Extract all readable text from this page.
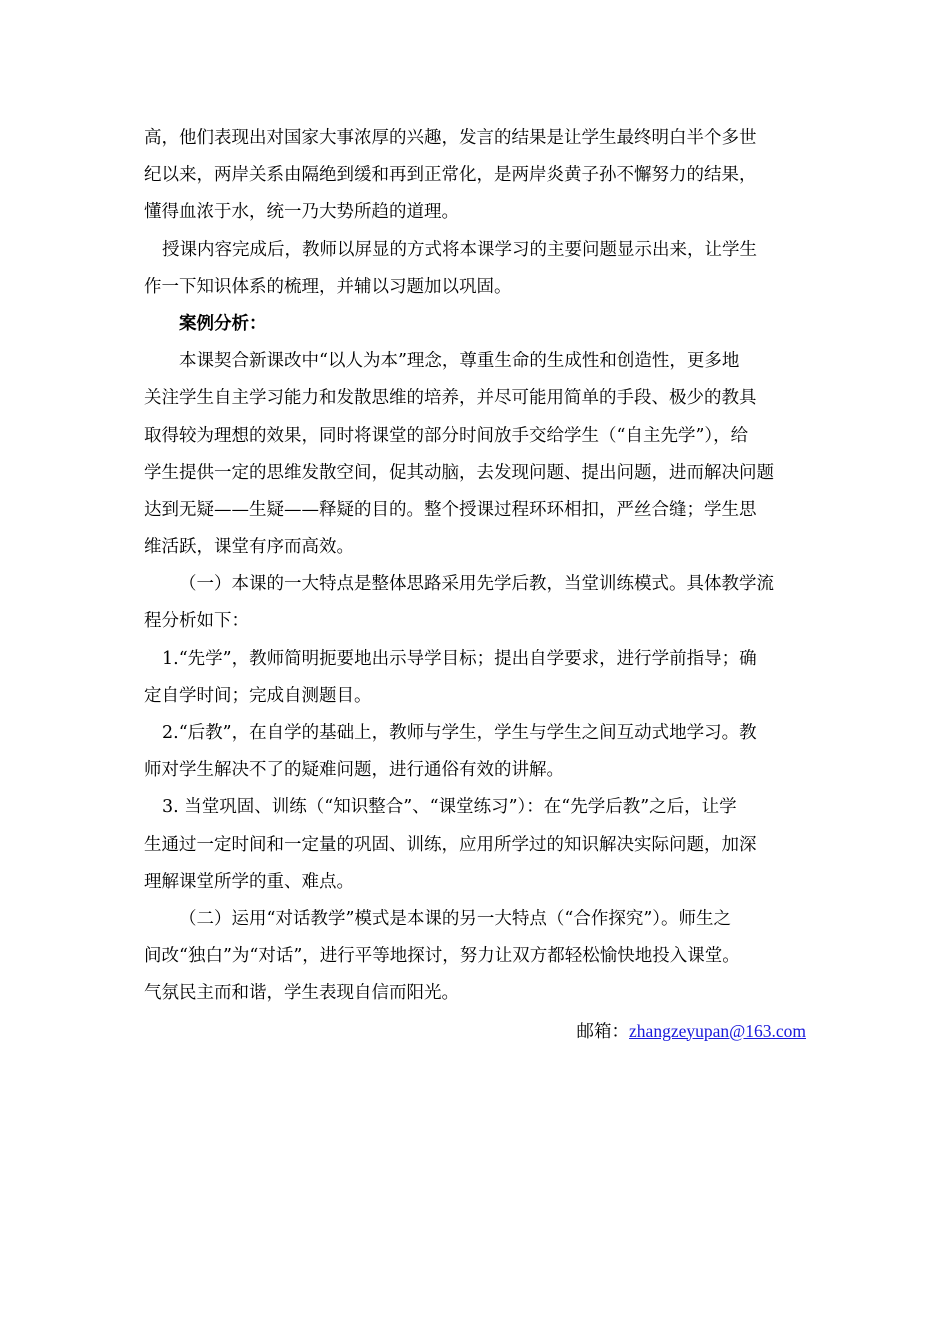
高，他们表现出对国家大事浓厚的兴趣，发言的结果是让学生最终明白半个多世
纪以来，两岸关系由隔绝到缓和再到正常化，是两岸炎黄子孙不懈努力的结果，
懂得血浓于水，统一乃大势所趋的道理。
授课内容完成后，教师以屏显的方式将本课学习的主要问题显示出来，让学生
作一下知识体系的梳理，并辅以习题加以巩固。
案例分析：
本课契合新课改中“以人为本”理念，尊重生命的生成性和创造性，更多地
关注学生自主学习能力和发散思维的培养，并尽可能用简单的手段、极少的教具
取得较为理想的效果，同时将课堂的部分时间放手交给学生（“自主先学”），给
学生提供一定的思维发散空间，促其动脑，去发现问题、提出问题，进而解决问题
达到无疑——生疑——释疑的目的。整个授课过程环环相扣，严丝合缝；学生思
维活跃，课堂有序而高效。
（一）本课的一大特点是整体思路采用先学后教，当堂训练模式。具体教学流
程分析如下：
1.“先学”，教师简明扼要地出示导学目标；提出自学要求，进行学前指导；确
定自学时间；完成自测题目。
2.“后教”，在自学的基础上，教师与学生，学生与学生之间互动式地学习。教
师对学生解决不了的疑难问题，进行通俗有效的讲解。
3. 当堂巩固、训练（“知识整合”、“课堂练习”）：在“先学后教”之后，让学
生通过一定时间和一定量的巩固、训练，应用所学过的知识解决实际问题，加深
理解课堂所学的重、难点。
（二）运用“对话教学”模式是本课的另一大特点（“合作探究”）。师生之
间改“独白”为“对话”，进行平等地探讨，努力让双方都轻松愉快地投入课堂。
气氛民主而和谐，学生表现自信而阳光。
邮箱：zhangzeyupan@163.com
